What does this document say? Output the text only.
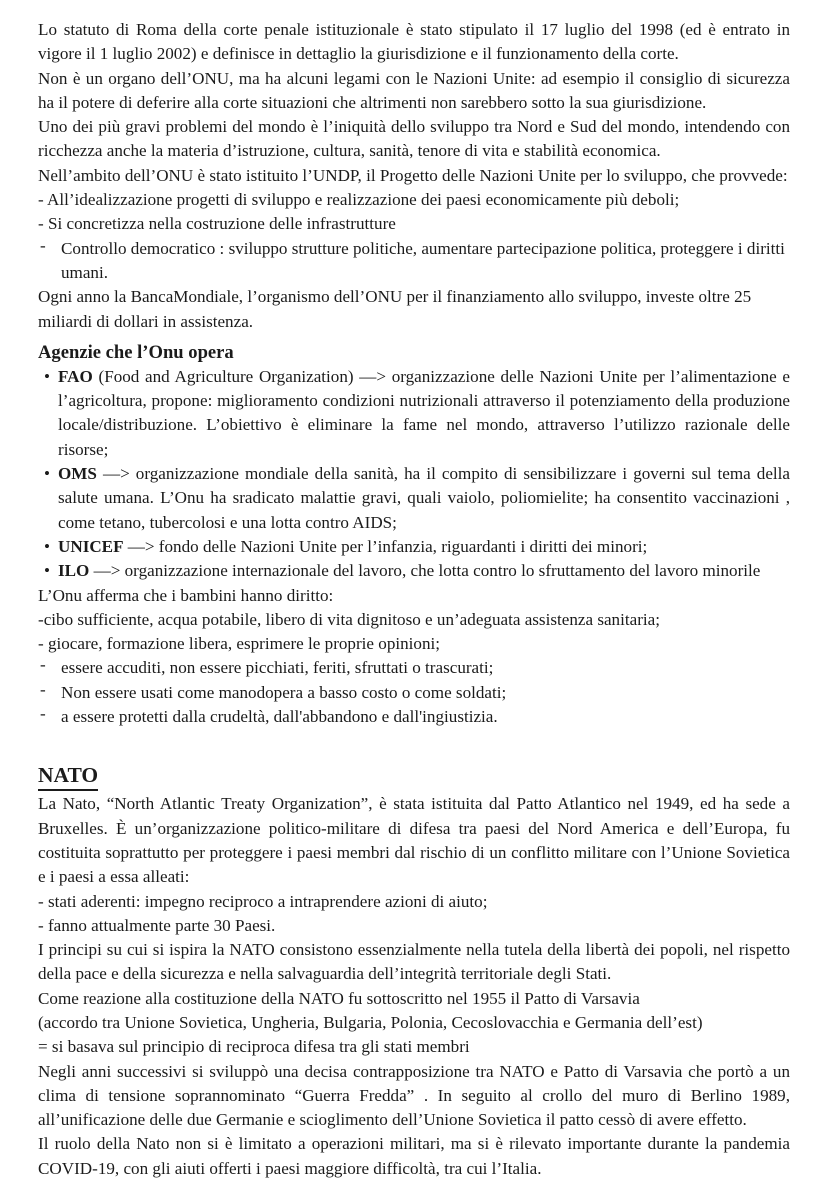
Lo statuto di Roma della corte penale istituzionale è stato stipulato il 17 luglio del 1998 (ed è entrato in vigore il 1 luglio 2002) e definisce in dettaglio la giurisdizione e il funzionamento della corte.

Non è un organo dell’ONU, ma ha alcuni legami con le Nazioni Unite: ad esempio il consiglio di sicurezza ha il potere di deferire alla corte situazioni che altrimenti non sarebbero sotto la sua giurisdizione.

Uno dei più gravi problemi del mondo è l’iniquità dello sviluppo tra Nord e Sud del mondo, intendendo con ricchezza anche la materia d’istruzione, cultura, sanità, tenore di vita e stabilità economica.

Nell’ambito dell’ONU è stato istituito l’UNDP, il Progetto delle Nazioni Unite per lo sviluppo, che provvede:

- All’idealizzazione progetti di sviluppo e realizzazione dei paesi economicamente più deboli;
- Si concretizza nella costruzione delle infrastrutture
- Controllo democratico : sviluppo strutture politiche, aumentare partecipazione politica, proteggere i diritti umani.

Ogni anno la BancaMondiale, l’organismo dell’ONU per il finanziamento allo sviluppo, investe oltre 25 miliardi di dollari in assistenza.

Agenzie che l’Onu opera
• FAO (Food and Agriculture Organization) —> organizzazione delle Nazioni Unite per l’alimentazione e l’agricoltura, propone: miglioramento condizioni nutrizionali attraverso il potenziamento della produzione locale/distribuzione. L’obiettivo è eliminare la fame nel mondo, attraverso l’utilizzo razionale delle risorse;
• OMS —> organizzazione mondiale della sanità, ha il compito di sensibilizzare i governi sul tema della salute umana. L’Onu ha sradicato malattie gravi, quali vaiolo, poliomielite; ha consentito vaccinazioni , come tetano, tubercolosi e una lotta contro AIDS;
• UNICEF —> fondo delle Nazioni Unite per l’infanzia, riguardanti i diritti dei minori;
• ILO —> organizzazione internazionale del lavoro, che lotta contro lo sfruttamento del lavoro minorile

L’Onu afferma che i bambini hanno diritto:

-cibo sufficiente, acqua potabile, libero di vita dignitoso e un’adeguata assistenza sanitaria;
- giocare, formazione libera, esprimere le proprie opinioni;
- essere accuditi, non essere picchiati, feriti, sfruttati o trascurati;
- Non essere usati come manodopera a basso costo o come soldati;
- a essere protetti dalla crudeltà, dall'abbandono e dall'ingiustizia.
NATO

La Nato, “North Atlantic Treaty Organization”, è stata istituita dal Patto Atlantico nel 1949, ed ha sede a Bruxelles. È un’organizzazione politico-militare di difesa tra paesi del Nord America e dell’Europa, fu costituita soprattutto per proteggere i paesi membri dal rischio di un conflitto militare con l’Unione Sovietica e i paesi a essa alleati:

- stati aderenti: impegno reciproco a intraprendere azioni di aiuto;
- fanno attualmente parte 30 Paesi.

I principi su cui si ispira la NATO consistono essenzialmente nella tutela della libertà dei popoli, nel rispetto della pace e della sicurezza e nella salvaguardia dell’integrità territoriale degli Stati.

Come reazione alla costituzione della NATO fu sottoscritto nel 1955 il Patto di Varsavia

(accordo tra Unione Sovietica, Ungheria, Bulgaria, Polonia, Cecoslovacchia e Germania dell’est)

= si basava sul principio di reciproca difesa tra gli stati membri

Negli anni successivi si sviluppò una decisa contrapposizione tra NATO e Patto di Varsavia che portò a un clima di tensione soprannominato “Guerra Fredda” . In seguito al crollo del muro di Berlino 1989, all’unificazione delle due Germanie e scioglimento dell’Unione Sovietica il patto cessò di avere effetto.

Il ruolo della Nato non si è limitato a operazioni militari, ma si è rilevato importante durante la pandemia COVID-19, con gli aiuti offerti i paesi maggiore difficoltà, tra cui l’Italia.
